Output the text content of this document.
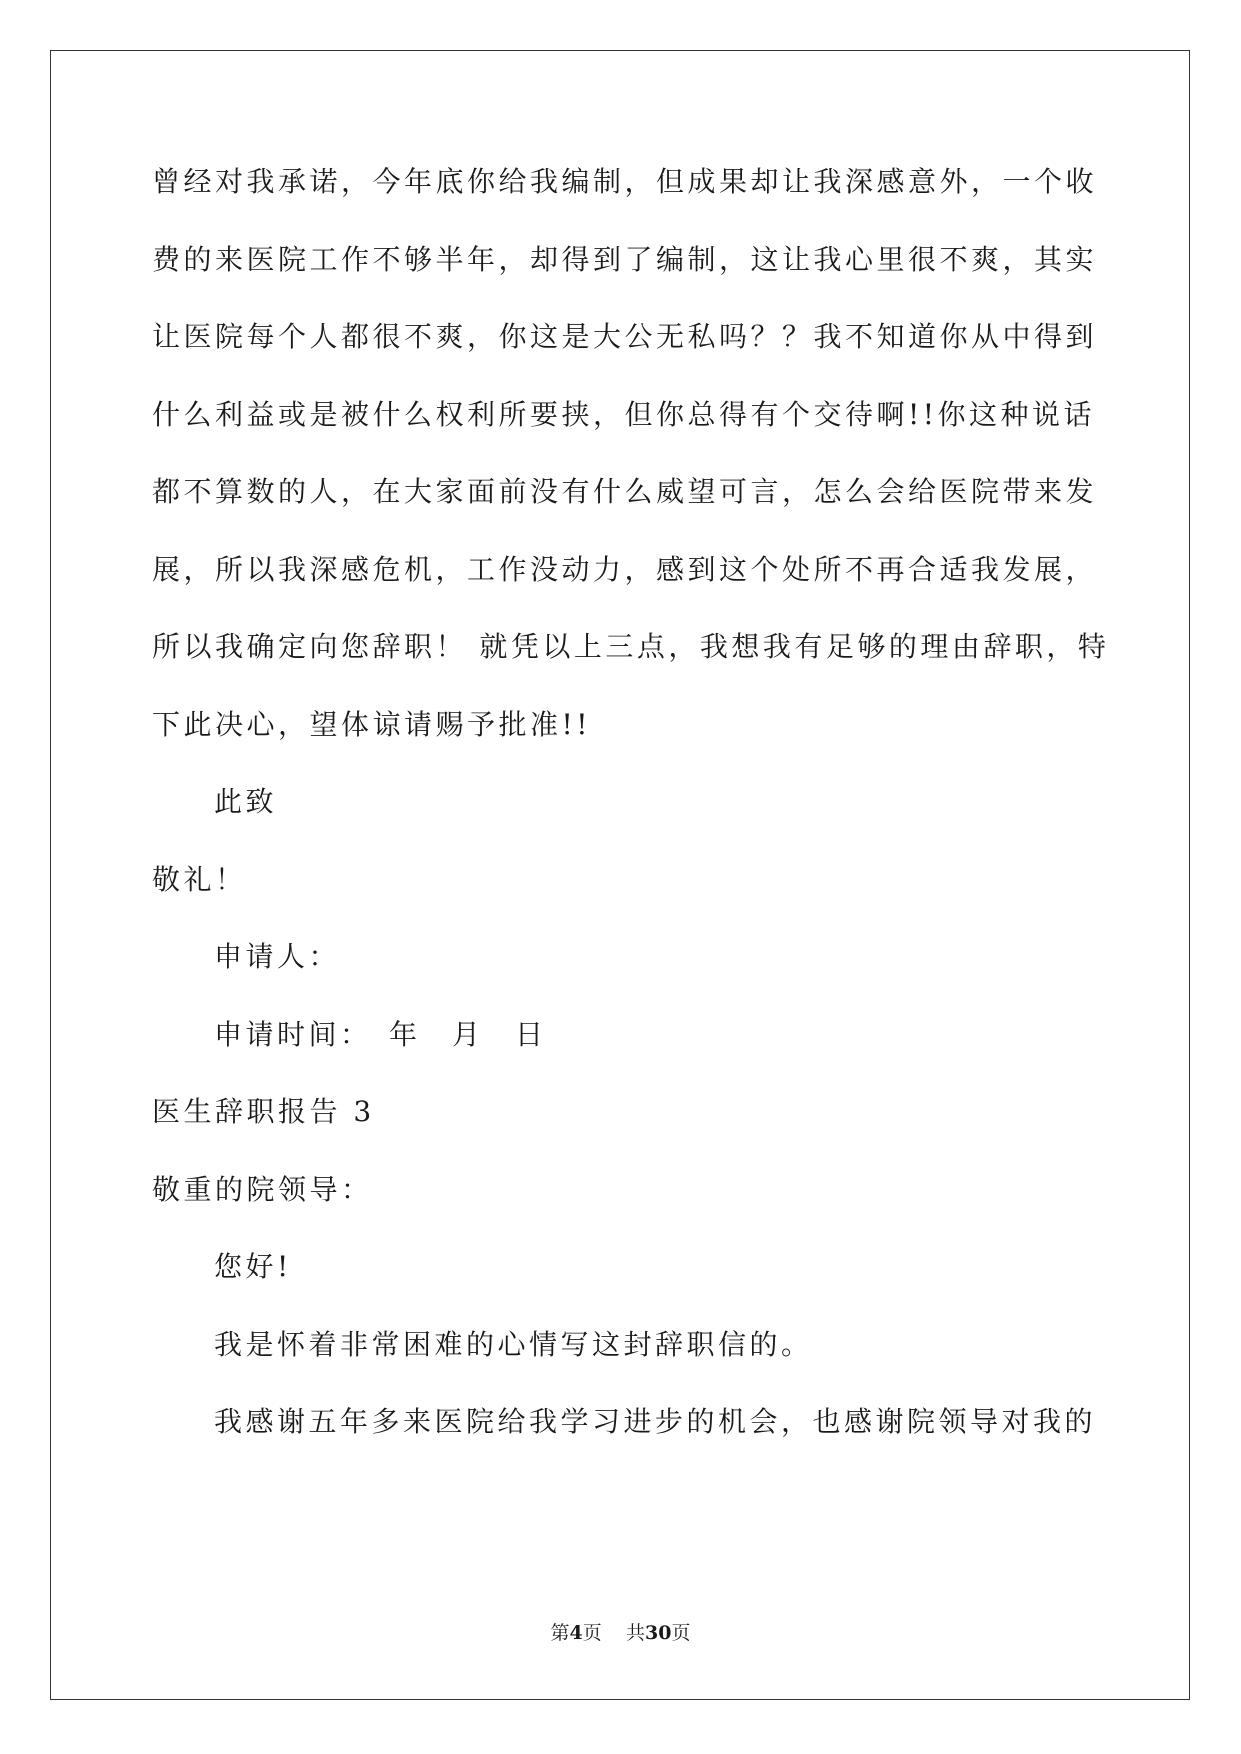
曾经对我承诺，今年底你给我编制，但成果却让我深感意外，一个收
费的来医院工作不够半年，却得到了编制，这让我心里很不爽，其实
让医院每个人都很不爽，你这是大公无私吗？？我不知道你从中得到
什么利益或是被什么权利所要挟，但你总得有个交待啊!!你这种说话
都不算数的人，在大家面前没有什么威望可言，怎么会给医院带来发
展，所以我深感危机，工作没动力，感到这个处所不再合适我发展，
所以我确定向您辞职！ 就凭以上三点，我想我有足够的理由辞职，特
下此决心，望体谅请赐予批准!!
此致
敬礼！
申请人：
申请时间：　年　月　日
医生辞职报告 3
敬重的院领导：
您好!
我是怀着非常困难的心情写这封辞职信的。
我感谢五年多来医院给我学习进步的机会，也感谢院领导对我的
第4页 共30页
